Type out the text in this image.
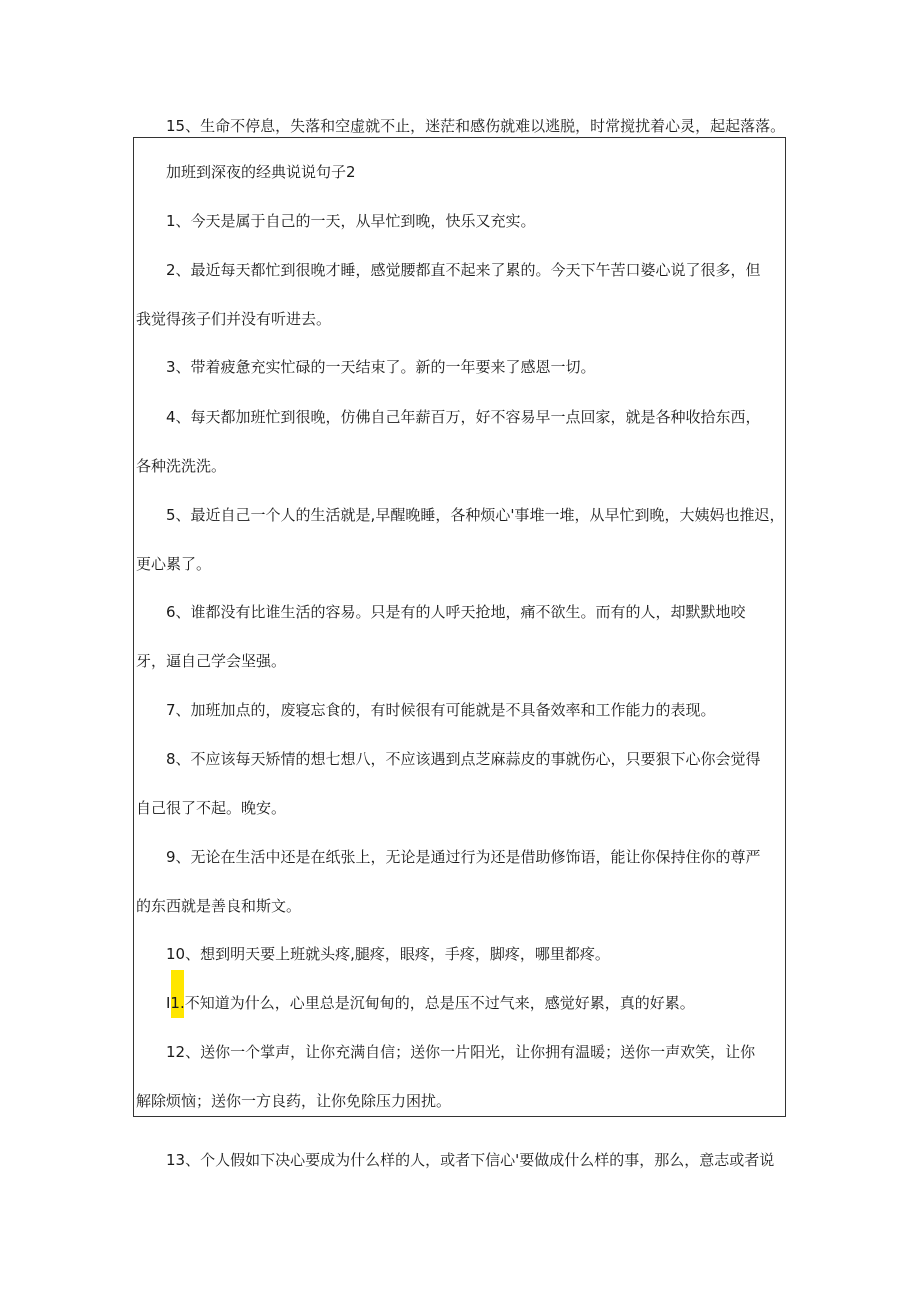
15、生命不停息，失落和空虚就不止，迷茫和感伤就难以逃脱，时常搅扰着心灵，起起落落。
加班到深夜的经典说说句子2
1、今天是属于自己的一天，从早忙到晚，快乐又充实。
2、最近每天都忙到很晚才睡，感觉腰都直不起来了累的。今天下午苦口婆心说了很多，但
我觉得孩子们并没有听进去。
3、带着疲惫充实忙碌的一天结束了。新的一年要来了感恩一切。
4、每天都加班忙到很晚，仿佛自己年薪百万，好不容易早一点回家，就是各种收拾东西，
各种洗洗洗。
5、最近自己一个人的生活就是,早醒晚睡，各种烦心'事堆一堆，从早忙到晚，大姨妈也推迟，
更心累了。
6、谁都没有比谁生活的容易。只是有的人呼天抢地，痛不欲生。而有的人，却默默地咬
牙，逼自己学会坚强。
7、加班加点的，废寝忘食的，有时候很有可能就是不具备效率和工作能力的表现。
8、不应该每天矫情的想七想八，不应该遇到点芝麻蒜皮的事就伤心，只要狠下心你会觉得
自己很了不起。晚安。
9、无论在生活中还是在纸张上，无论是通过行为还是借助修饰语，能让你保持住你的尊严
的东西就是善良和斯文。
10、想到明天要上班就头疼,腿疼，眼疼，手疼，脚疼，哪里都疼。
I1.不知道为什么，心里总是沉甸甸的，总是压不过气来，感觉好累，真的好累。
12、送你一个掌声，让你充满自信；送你一片阳光，让你拥有温暖；送你一声欢笑，让你
解除烦恼；送你一方良药，让你免除压力困扰。
13、个人假如下决心要成为什么样的人，或者下信心'要做成什么样的事，那么，意志或者说
